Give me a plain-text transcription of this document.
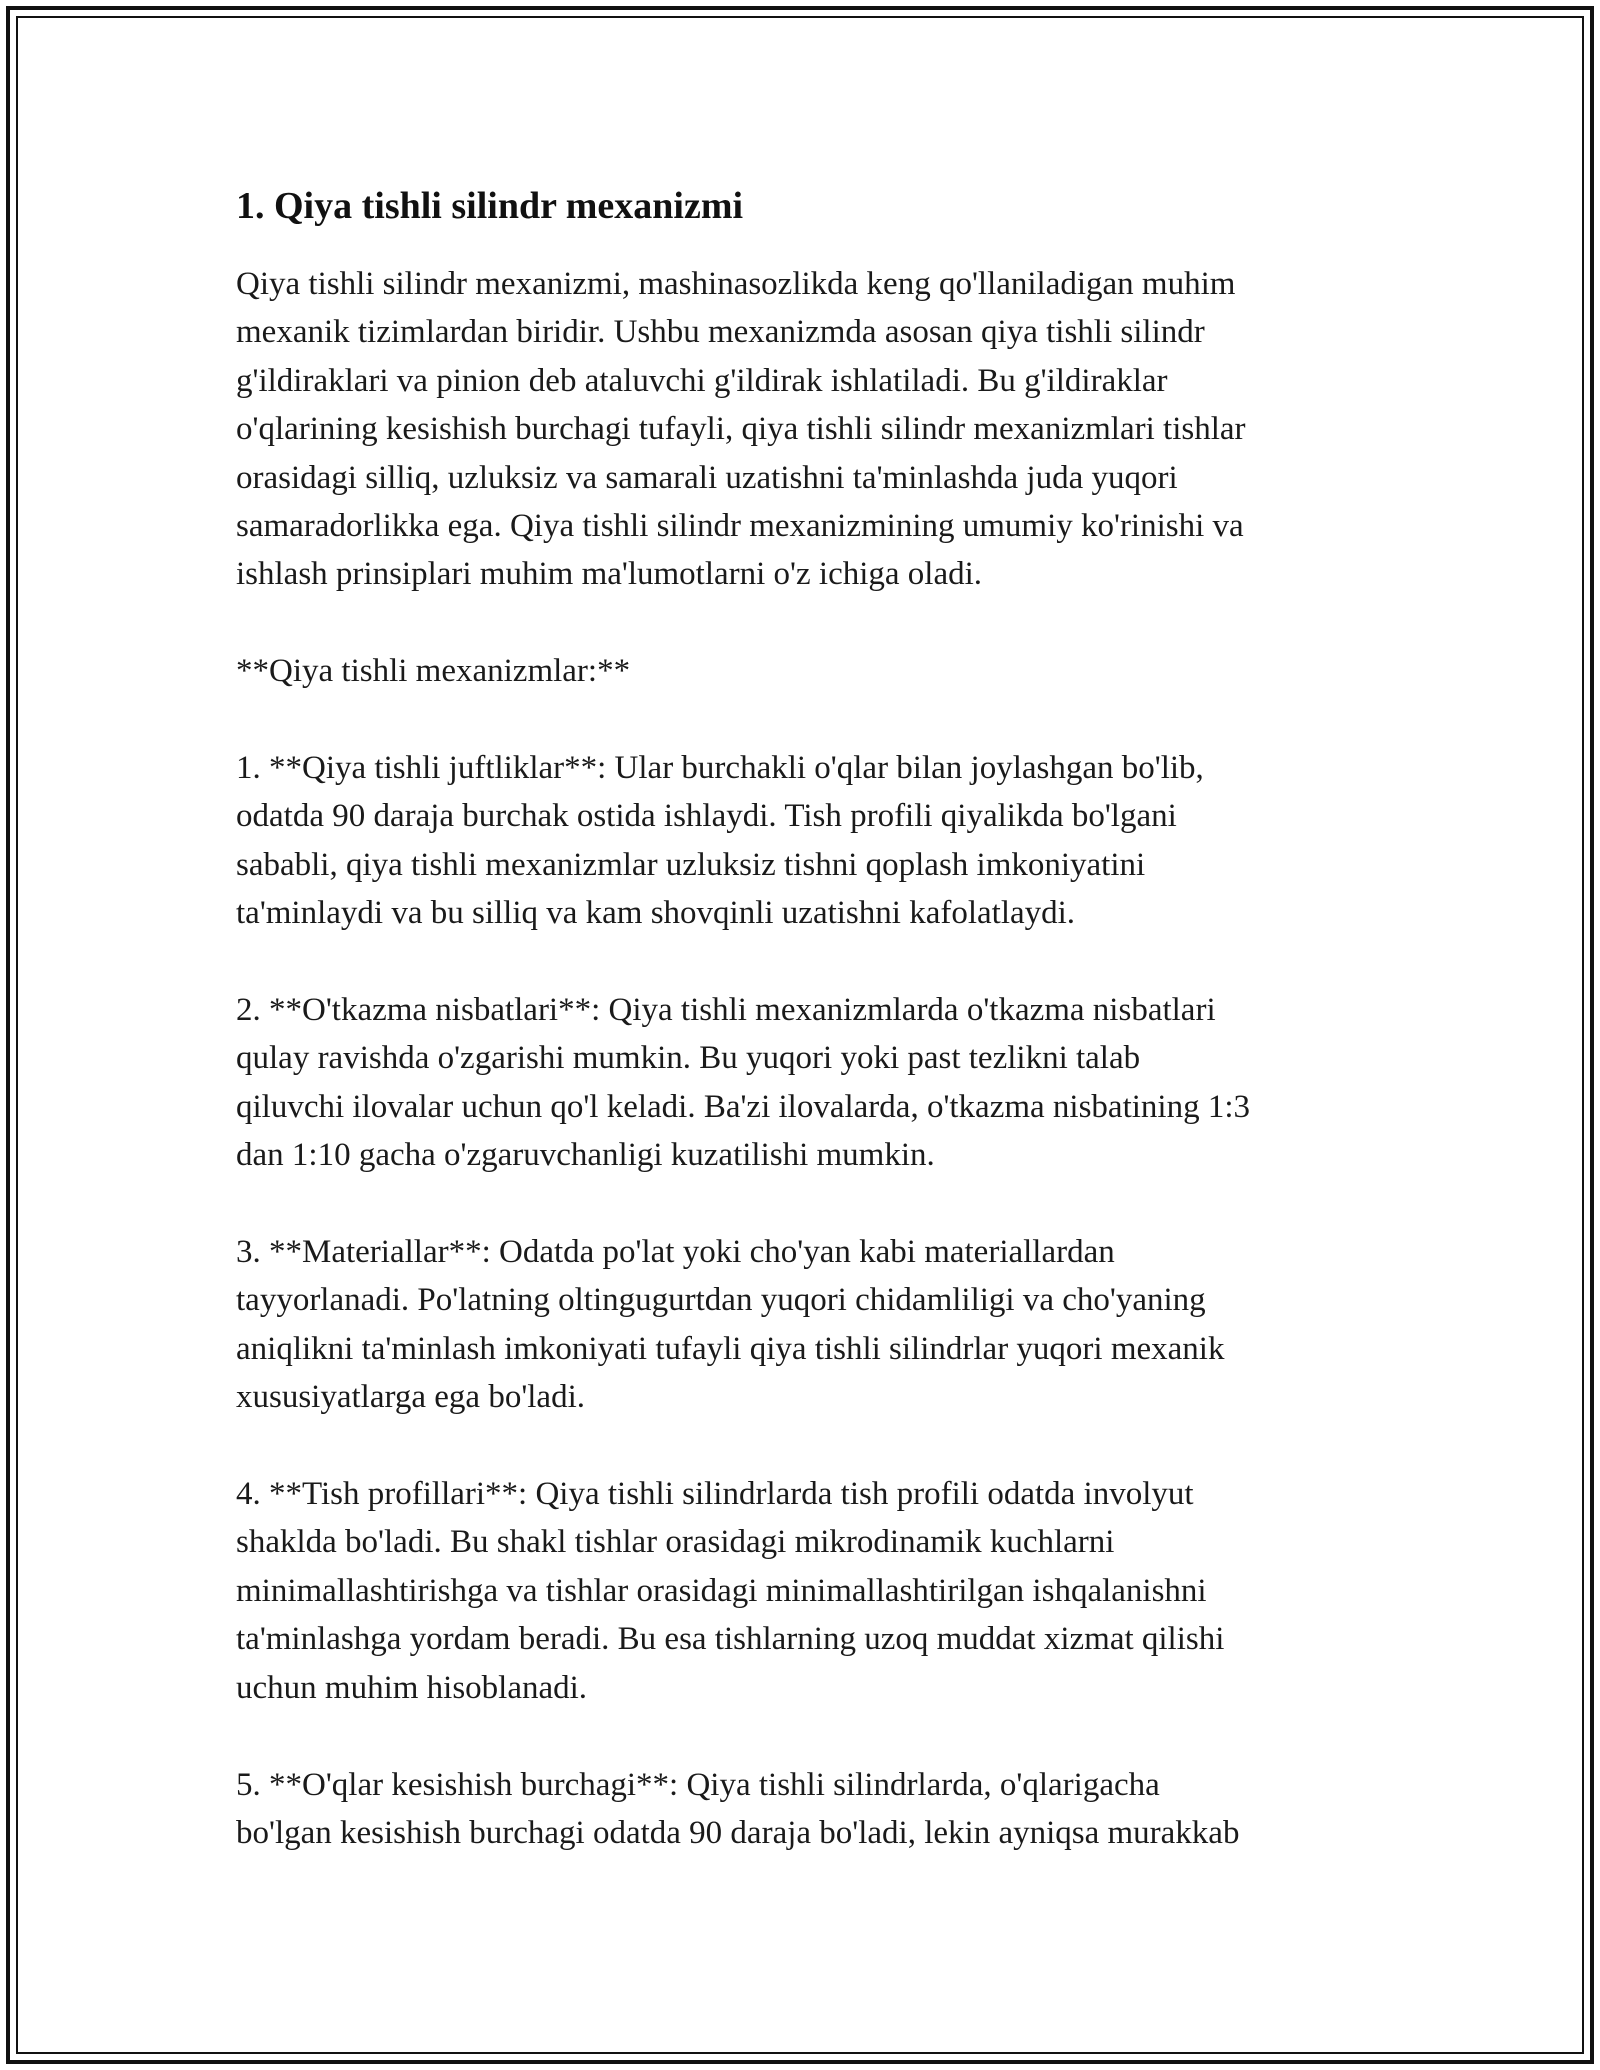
1. Qiya tishli silindr mexanizmi
Qiya tishli silindr mexanizmi, mashinasozlikda keng qo'llaniladigan muhim
mexanik tizimlardan biridir. Ushbu mexanizmda asosan qiya tishli silindr
g'ildiraklari va pinion deb ataluvchi g'ildirak ishlatiladi. Bu g'ildiraklar
o'qlarining kesishish burchagi tufayli, qiya tishli silindr mexanizmlari tishlar
orasidagi silliq, uzluksiz va samarali uzatishni ta'minlashda juda yuqori
samaradorlikka ega. Qiya tishli silindr mexanizmining umumiy ko'rinishi va
ishlash prinsiplari muhim ma'lumotlarni o'z ichiga oladi.
**Qiya tishli mexanizmlar:**
1. **Qiya tishli juftliklar**: Ular burchakli o'qlar bilan joylashgan bo'lib,
odatda 90 daraja burchak ostida ishlaydi. Tish profili qiyalikda bo'lgani
sababli, qiya tishli mexanizmlar uzluksiz tishni qoplash imkoniyatini
ta'minlaydi va bu silliq va kam shovqinli uzatishni kafolatlaydi.
2. **O'tkazma nisbatlari**: Qiya tishli mexanizmlarda o'tkazma nisbatlari
qulay ravishda o'zgarishi mumkin. Bu yuqori yoki past tezlikni talab
qiluvchi ilovalar uchun qo'l keladi. Ba'zi ilovalarda, o'tkazma nisbatining 1:3
dan 1:10 gacha o'zgaruvchanligi kuzatilishi mumkin.
3. **Materiallar**: Odatda po'lat yoki cho'yan kabi materiallardan
tayyorlanadi. Po'latning oltingugurtdan yuqori chidamliligi va cho'yaning
aniqlikni ta'minlash imkoniyati tufayli qiya tishli silindrlar yuqori mexanik
xususiyatlarga ega bo'ladi.
4. **Tish profillari**: Qiya tishli silindrlarda tish profili odatda involyut
shaklda bo'ladi. Bu shakl tishlar orasidagi mikrodinamik kuchlarni
minimallashtirishga va tishlar orasidagi minimallashtirilgan ishqalanishni
ta'minlashga yordam beradi. Bu esa tishlarning uzoq muddat xizmat qilishi
uchun muhim hisoblanadi.
5. **O'qlar kesishish burchagi**: Qiya tishli silindrlarda, o'qlarigacha
bo'lgan kesishish burchagi odatda 90 daraja bo'ladi, lekin ayniqsa murakkab
